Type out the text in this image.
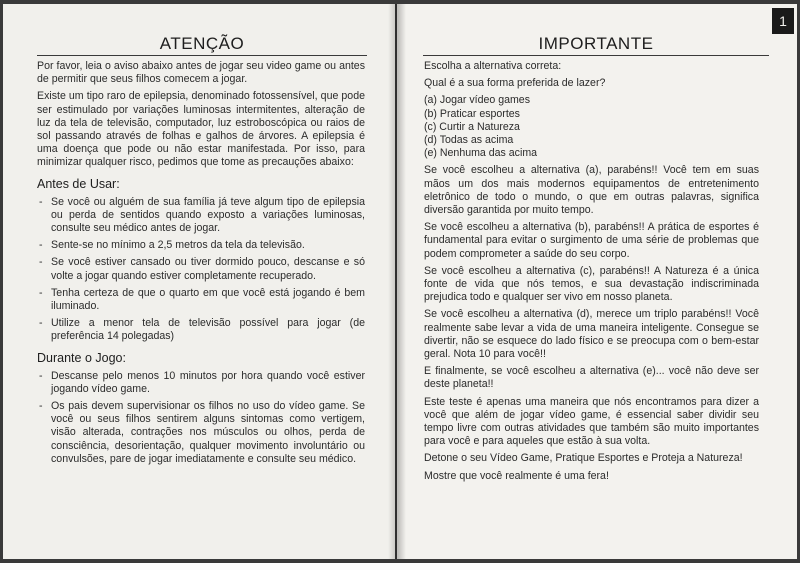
ATENÇÃO

Por favor, leia o aviso abaixo antes de jogar seu video game ou antes de permitir que seus filhos comecem a jogar.

Existe um tipo raro de epilepsia, denominado fotossensível, que pode ser estimulado por variações luminosas intermitentes, alteração de luz da tela de televisão, computador, luz estroboscópica ou raios de sol passando através de folhas e galhos de árvores. A epilepsia é uma doença que pode ou não estar manifestada. Por isso, para minimizar qualquer risco, pedimos que tome as precauções abaixo:

Antes de Usar:
- Se você ou alguém de sua família já teve algum tipo de epilepsia ou perda de sentidos quando exposto a variações luminosas, consulte seu médico antes de jogar.
- Sente-se no mínimo a 2,5 metros da tela da televisão.
- Se você estiver cansado ou tiver dormido pouco, descanse e só volte a jogar quando estiver completamente recuperado.
- Tenha certeza de que o quarto em que você está jogando é bem iluminado.
- Utilize a menor tela de televisão possível para jogar (de preferência 14 polegadas)
Durante o Jogo:
- Descanse pelo menos 10 minutos por hora quando você estiver jogando vídeo game.
- Os pais devem supervisionar os filhos no uso do vídeo game. Se você ou seus filhos sentirem alguns sintomas como vertigem, visão alterada, contrações nos músculos ou olhos, perda de consciência, desorientação, qualquer movimento involuntário ou convulsões, pare de jogar imediatamente e consulte seu médico.
1
IMPORTANTE

Escolha a alternativa correta:

Qual é a sua forma preferida de lazer?

(a) Jogar vídeo games
(b) Praticar esportes
(c) Curtir a Natureza
(d) Todas as acima
(e) Nenhuma das acima

Se você escolheu a alternativa (a), parabéns!! Você tem em suas mãos um dos mais modernos equipamentos de entretenimento eletrônico de todo o mundo, o que em outras palavras, significa diversão garantida por muito tempo.

Se você escolheu a alternativa (b), parabéns!! A prática de esportes é fundamental para evitar o surgimento de uma série de problemas que podem comprometer a saúde do seu corpo.

Se você escolheu a alternativa (c), parabéns!! A Natureza é a única fonte de vida que nós temos, e sua devastação indiscriminada prejudica todo e qualquer ser vivo em nosso planeta.

Se você escolheu a alternativa (d), merece um triplo parabéns!! Você realmente sabe levar a vida de uma maneira inteligente. Consegue se divertir, não se esquece do lado físico e se preocupa com o bem-estar geral. Nota 10 para você!!

E finalmente, se você escolheu a alternativa (e)... você não deve ser deste planeta!!

Este teste é apenas uma maneira que nós encontramos para dizer a você que além de jogar vídeo game, é essencial saber dividir seu tempo livre com outras atividades que também são muito importantes para você e para aqueles que estão à sua volta.

Detone o seu Vídeo Game, Pratique Esportes e Proteja a Natureza!

Mostre que você realmente é uma fera!
